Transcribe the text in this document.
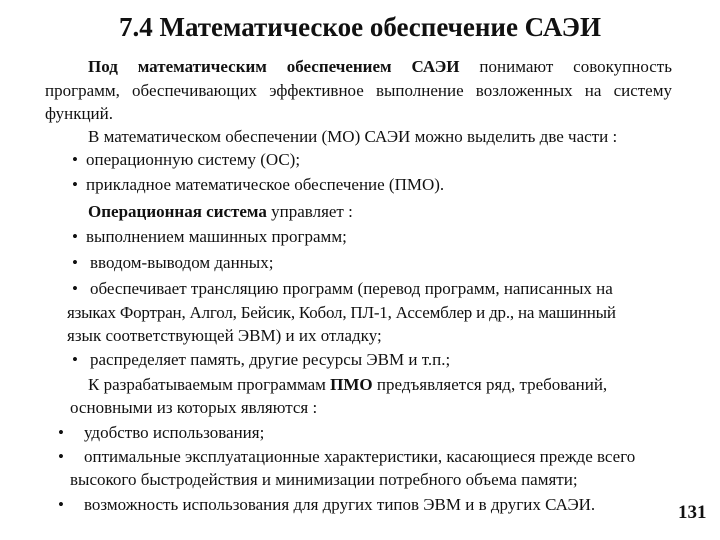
7.4 Математическое обеспечение САЭИ
Под математическим обеспечением САЭИ понимают совокупность программ, обеспечивающих эффективное выполнение возложенных на систему функций.
В математическом обеспечении (МО) САЭИ можно выделить две части :
• операционную систему (ОС);
• прикладное математическое обеспечение (ПМО).
Операционная система управляет :
• выполнением машинных программ;
• вводом-выводом данных;
• обеспечивает трансляцию программ (перевод программ, написанных на
языках Фортран, Алгол, Бейсик, Кобол, ПЛ-1, Ассемблер и др., на машинный
язык соответствующей ЭВМ) и их отладку;
• распределяет память, другие ресурсы ЭВМ и т.п.;
К разрабатываемым программам ПМО предъявляется ряд, требований,
основными из которых являются :
• удобство использования;
• оптимальные эксплуатационные характеристики, касающиеся прежде всего
высокого быстродействия и минимизации потребного объема памяти;
• возможность использования для других типов ЭВМ и в других САЭИ.	131
